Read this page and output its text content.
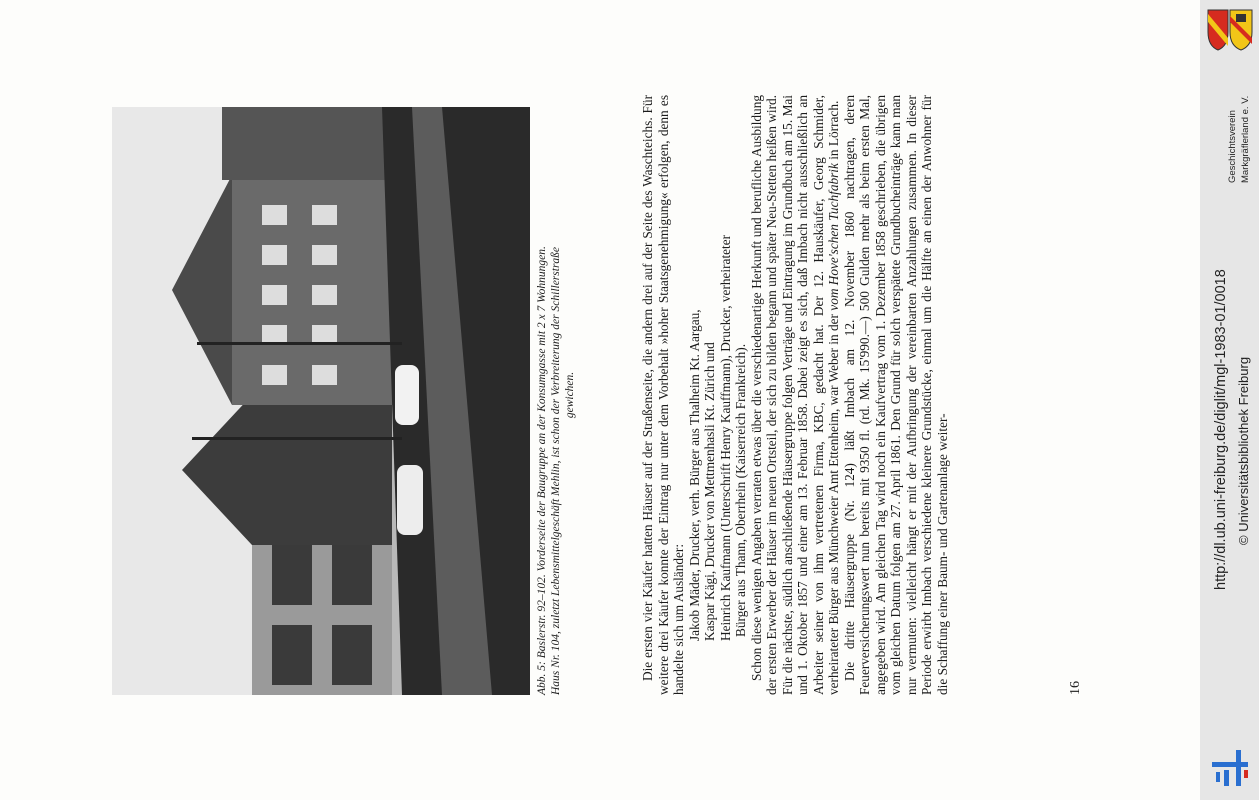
Abb. 5: Baslerstr. 92–102. Vorderseite der Baugruppe an der Konsumgasse mit 2 x 7 Wohnungen. Haus Nr. 104, zuletzt Lebensmittelgeschäft Mehlin, ist schon der Verbreiterung der Schillerstraße gewichen.	Die ersten vier Käufer hatten Häuser auf der Straßenseite, die andern drei auf der Seite des Waschteichs. Für weitere drei Käufer konnte der Eintrag nur unter dem Vorbehalt »hoher Staatsgenehmigung« erfolgen, denn es handelte sich um Ausländer: Jakob Mäder, Drucker, verh. Bürger aus Thalheim Kt. Aargau, Kaspar Kägi, Drucker von Mettmenhasli Kt. Zürich und Heinrich Kaufmann (Unterschrift Henry Kauffmann), Drucker, verheirateter Bürger aus Thann, Oberrhein (Kaiserreich Frankreich). Schon diese wenigen Angaben verraten etwas über die verschiedenartige Herkunft und berufliche Ausbildung der ersten Erwerber der Häuser im neuen Ortsteil, der sich zu bilden begann und später Neu-Stetten heißen wird. Für die nächste, südlich anschließende Häusergruppe folgen Verträge und Eintragung im Grundbuch am 15. Mai und 1. Oktober 1857 und einer am 13. Februar 1858. Dabei zeigt es sich, daß Imbach nicht ausschließlich an Arbeiter seiner von ihm vertretenen Firma, KBC, gedacht hat. Der 12. Hauskäufer, Georg Schmider, verheirateter Bürger aus Münchweier Amt Ettenheim, war Weber in der vom Hove'schen Tuchfabrik in Lörrach. Die dritte Häusergruppe (Nr. 124) läßt Imbach am 12. November 1860 nachtragen, deren Feuerversicherungswert nun bereits mit 9350 fl. (rd. Mk. 15'990.—) 500 Gulden mehr als beim ersten Mal, angegeben wird. Am gleichen Tag wird noch ein Kaufvertrag vom 1. Dezember 1858 geschrieben, die übrigen vom gleichen Datum folgen am 27. April 1861. Den Grund für solch verspätete Grundbucheinträge kann man nur vermuten: vielleicht hängt er mit der Aufbringung der vereinbarten Anzahlungen zusammen. In dieser Periode erwirbt Imbach verschiedene kleinere Grundstücke, einmal um die Hälfte an einen der Anwohner für die Schaffung einer Baum- und Gartenanlage weiter-	16
Geschichtsverein Markgräflerland e. V.
http://dl.ub.uni-freiburg.de/diglit/mgl-1983-01/0018 © Universitätsbibliothek Freiburg
